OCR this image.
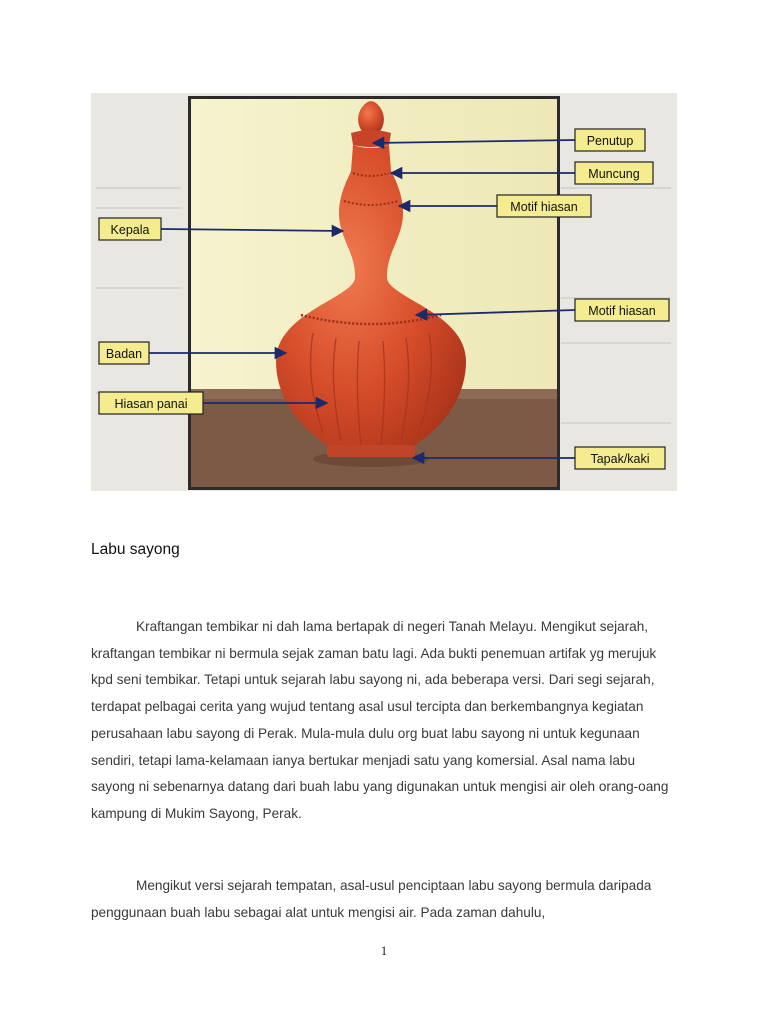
Penutup
Muncung
Motif hiasan
Kepala
Motif hiasan
Badan
Hiasan panai
Tapak/kaki
Labu sayong

Kraftangan tembikar ni dah lama bertapak di negeri Tanah Melayu. Mengikut sejarah, kraftangan tembikar ni bermula sejak zaman batu lagi. Ada bukti penemuan artifak yg merujuk kpd seni tembikar. Tetapi untuk sejarah labu sayong ni, ada beberapa versi. Dari segi sejarah, terdapat pelbagai cerita yang wujud tentang asal usul tercipta dan berkembangnya kegiatan perusahaan labu sayong di Perak. Mula-mula dulu org buat labu sayong ni untuk kegunaan sendiri, tetapi lama-kelamaan ianya bertukar menjadi satu yang komersial. Asal nama labu sayong ni sebenarnya datang dari buah labu yang digunakan untuk mengisi air oleh orang-oang kampung di Mukim Sayong, Perak.

Mengikut versi sejarah tempatan, asal-usul penciptaan labu sayong bermula daripada penggunaan buah labu sebagai alat untuk mengisi air. Pada zaman dahulu,

1
